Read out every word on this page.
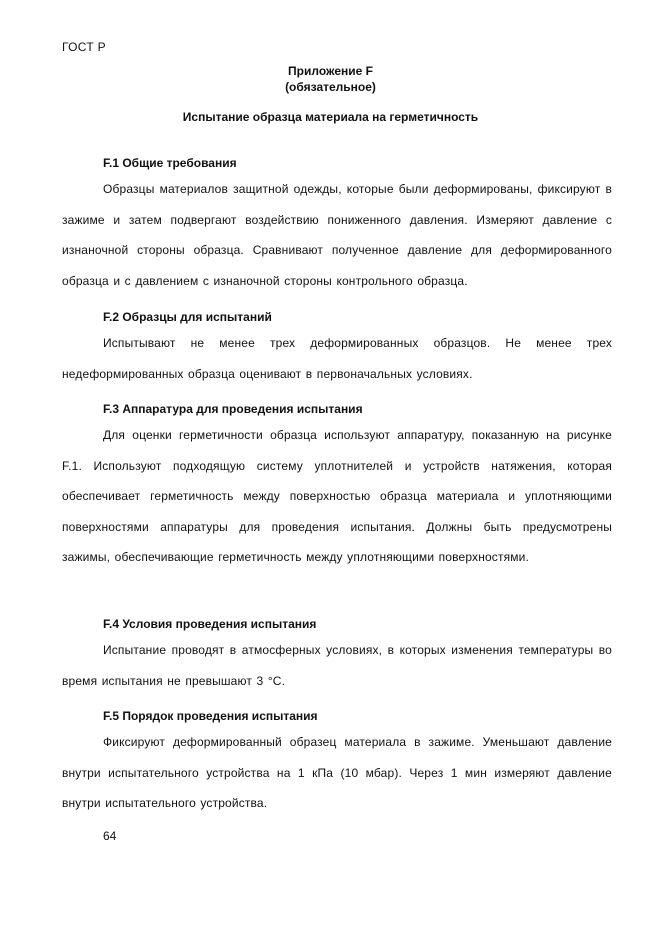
ГОСТ Р
Приложение F
(обязательное)
Испытание образца материала на герметичность
F.1 Общие требования
Образцы материалов защитной одежды, которые были деформированы, фиксируют в зажиме и затем подвергают воздействию пониженного давления. Измеряют давление с изнаночной стороны образца. Сравнивают полученное давление для деформированного образца и с давлением с изнаночной стороны контрольного образца.
F.2 Образцы для испытаний
Испытывают не менее трех деформированных образцов. Не менее трех недеформированных образца оценивают в первоначальных условиях.
F.3 Аппаратура для проведения испытания
Для оценки герметичности образца используют аппаратуру, показанную на рисунке F.1. Используют подходящую систему уплотнителей и устройств натяжения, которая обеспечивает герметичность между поверхностью образца материала и уплотняющими поверхностями аппаратуры для проведения испытания. Должны быть предусмотрены зажимы, обеспечивающие герметичность между уплотняющими поверхностями.
F.4 Условия проведения испытания
Испытание проводят в атмосферных условиях, в которых изменения температуры во время испытания не превышают 3 °С.
F.5 Порядок проведения испытания
Фиксируют деформированный образец материала в зажиме. Уменьшают давление внутри испытательного устройства на 1 кПа (10 мбар). Через 1 мин измеряют давление внутри испытательного устройства.
64
